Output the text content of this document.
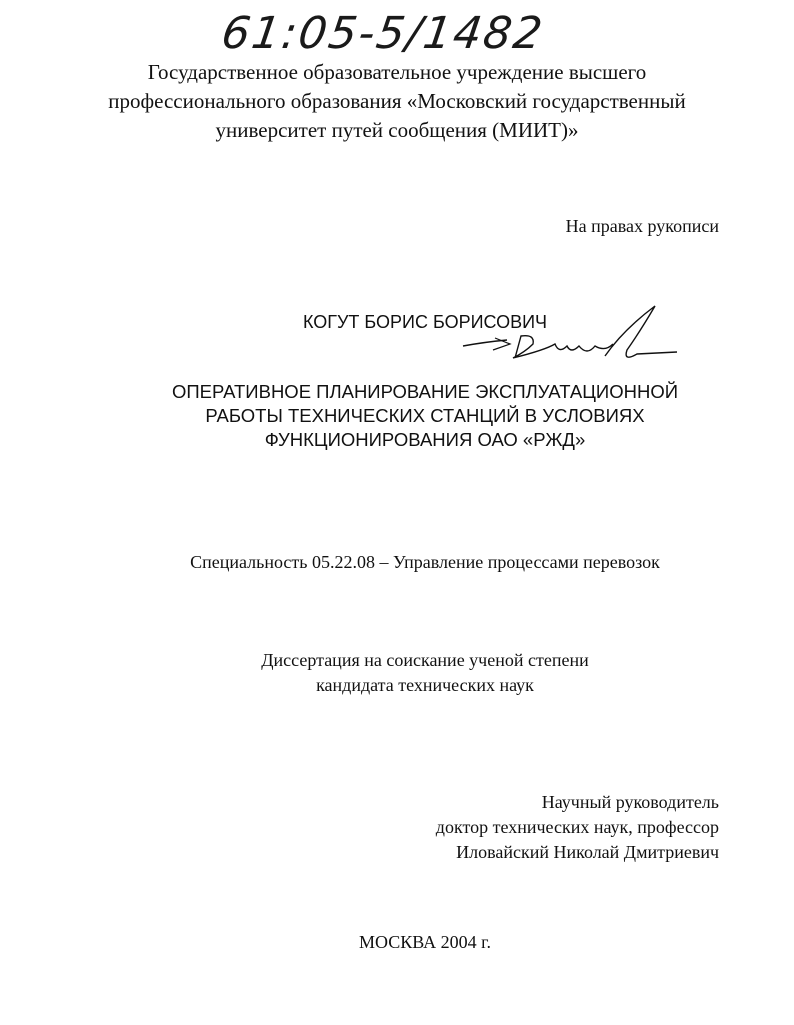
61:05-5/1482
Государственное образовательное учреждение высшего
профессионального образования «Московский государственный
университет путей сообщения (МИИТ)»
На правах рукописи
КОГУТ БОРИС БОРИСОВИЧ
ОПЕРАТИВНОЕ ПЛАНИРОВАНИЕ ЭКСПЛУАТАЦИОННОЙ
РАБОТЫ ТЕХНИЧЕСКИХ СТАНЦИЙ В УСЛОВИЯХ
ФУНКЦИОНИРОВАНИЯ ОАО «РЖД»
Специальность 05.22.08 – Управление процессами перевозок
Диссертация на соискание ученой степени
кандидата технических наук
Научный руководитель
доктор технических наук, профессор
Иловайский Николай Дмитриевич
МОСКВА 2004 г.
